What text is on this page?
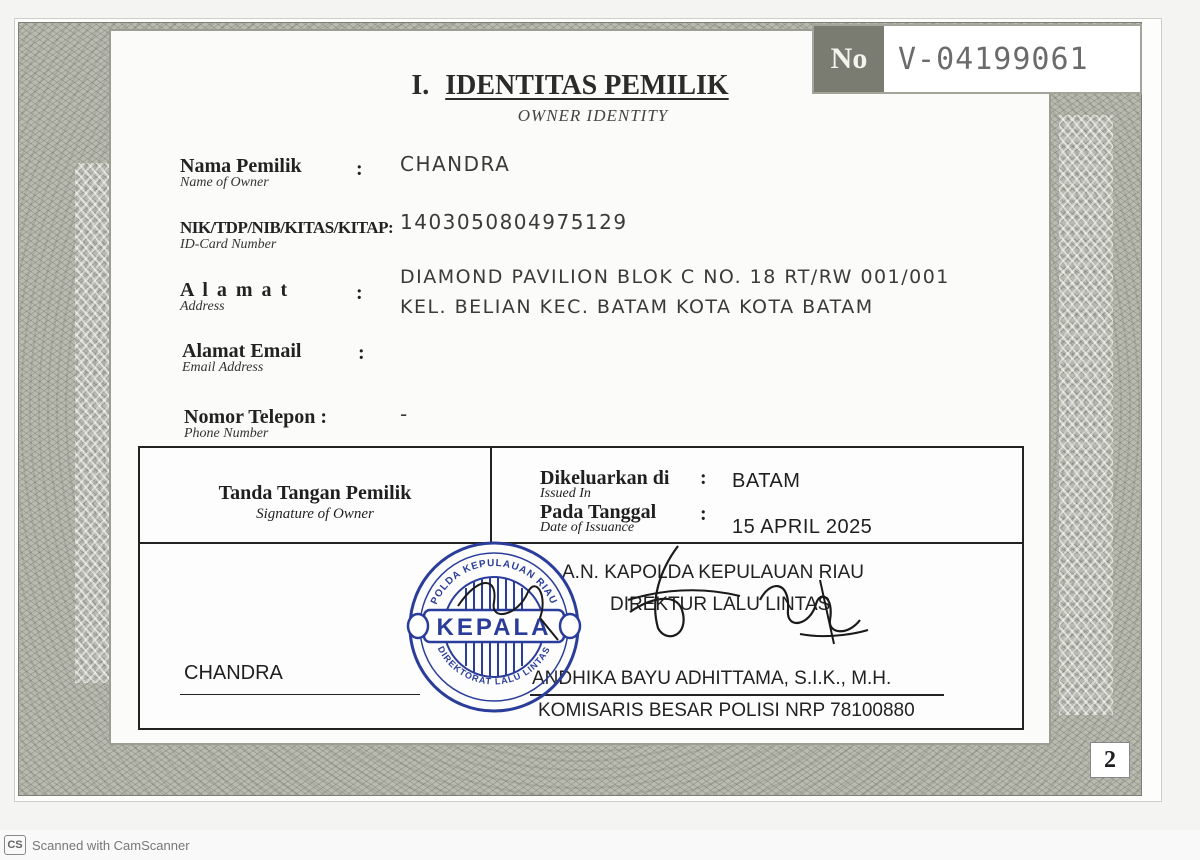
No	V-04199061
I. IDENTITAS PEMILIK
OWNER IDENTITY
Nama Pemilik
Name of Owner
: CHANDRA
NIK/TDP/NIB/KITAS/KITAP:
ID-Card Number
1403050804975129
A l a m a t
Address
:
DIAMOND PAVILION BLOK C NO. 18 RT/RW 001/001
KEL. BELIAN KEC. BATAM KOTA KOTA BATAM
Alamat Email
Email Address
:
Nomor Telepon :
Phone Number
-
Tanda Tangan Pemilik
Signature of Owner
Dikeluarkan di
Issued In
: BATAM
Pada Tanggal
Date of Issuance
:
15 APRIL 2025
CHANDRA
A.N. KAPOLDA KEPULAUAN RIAU
DIREKTUR LALU LINTAS
ANDHIKA BAYU ADHITTAMA, S.I.K., M.H.
KOMISARIS BESAR POLISI NRP 78100880
KEPALA
POLDA KEPULAUAN RIAU
DIREKTORAT LALU LINTAS
2
CS Scanned with CamScanner
